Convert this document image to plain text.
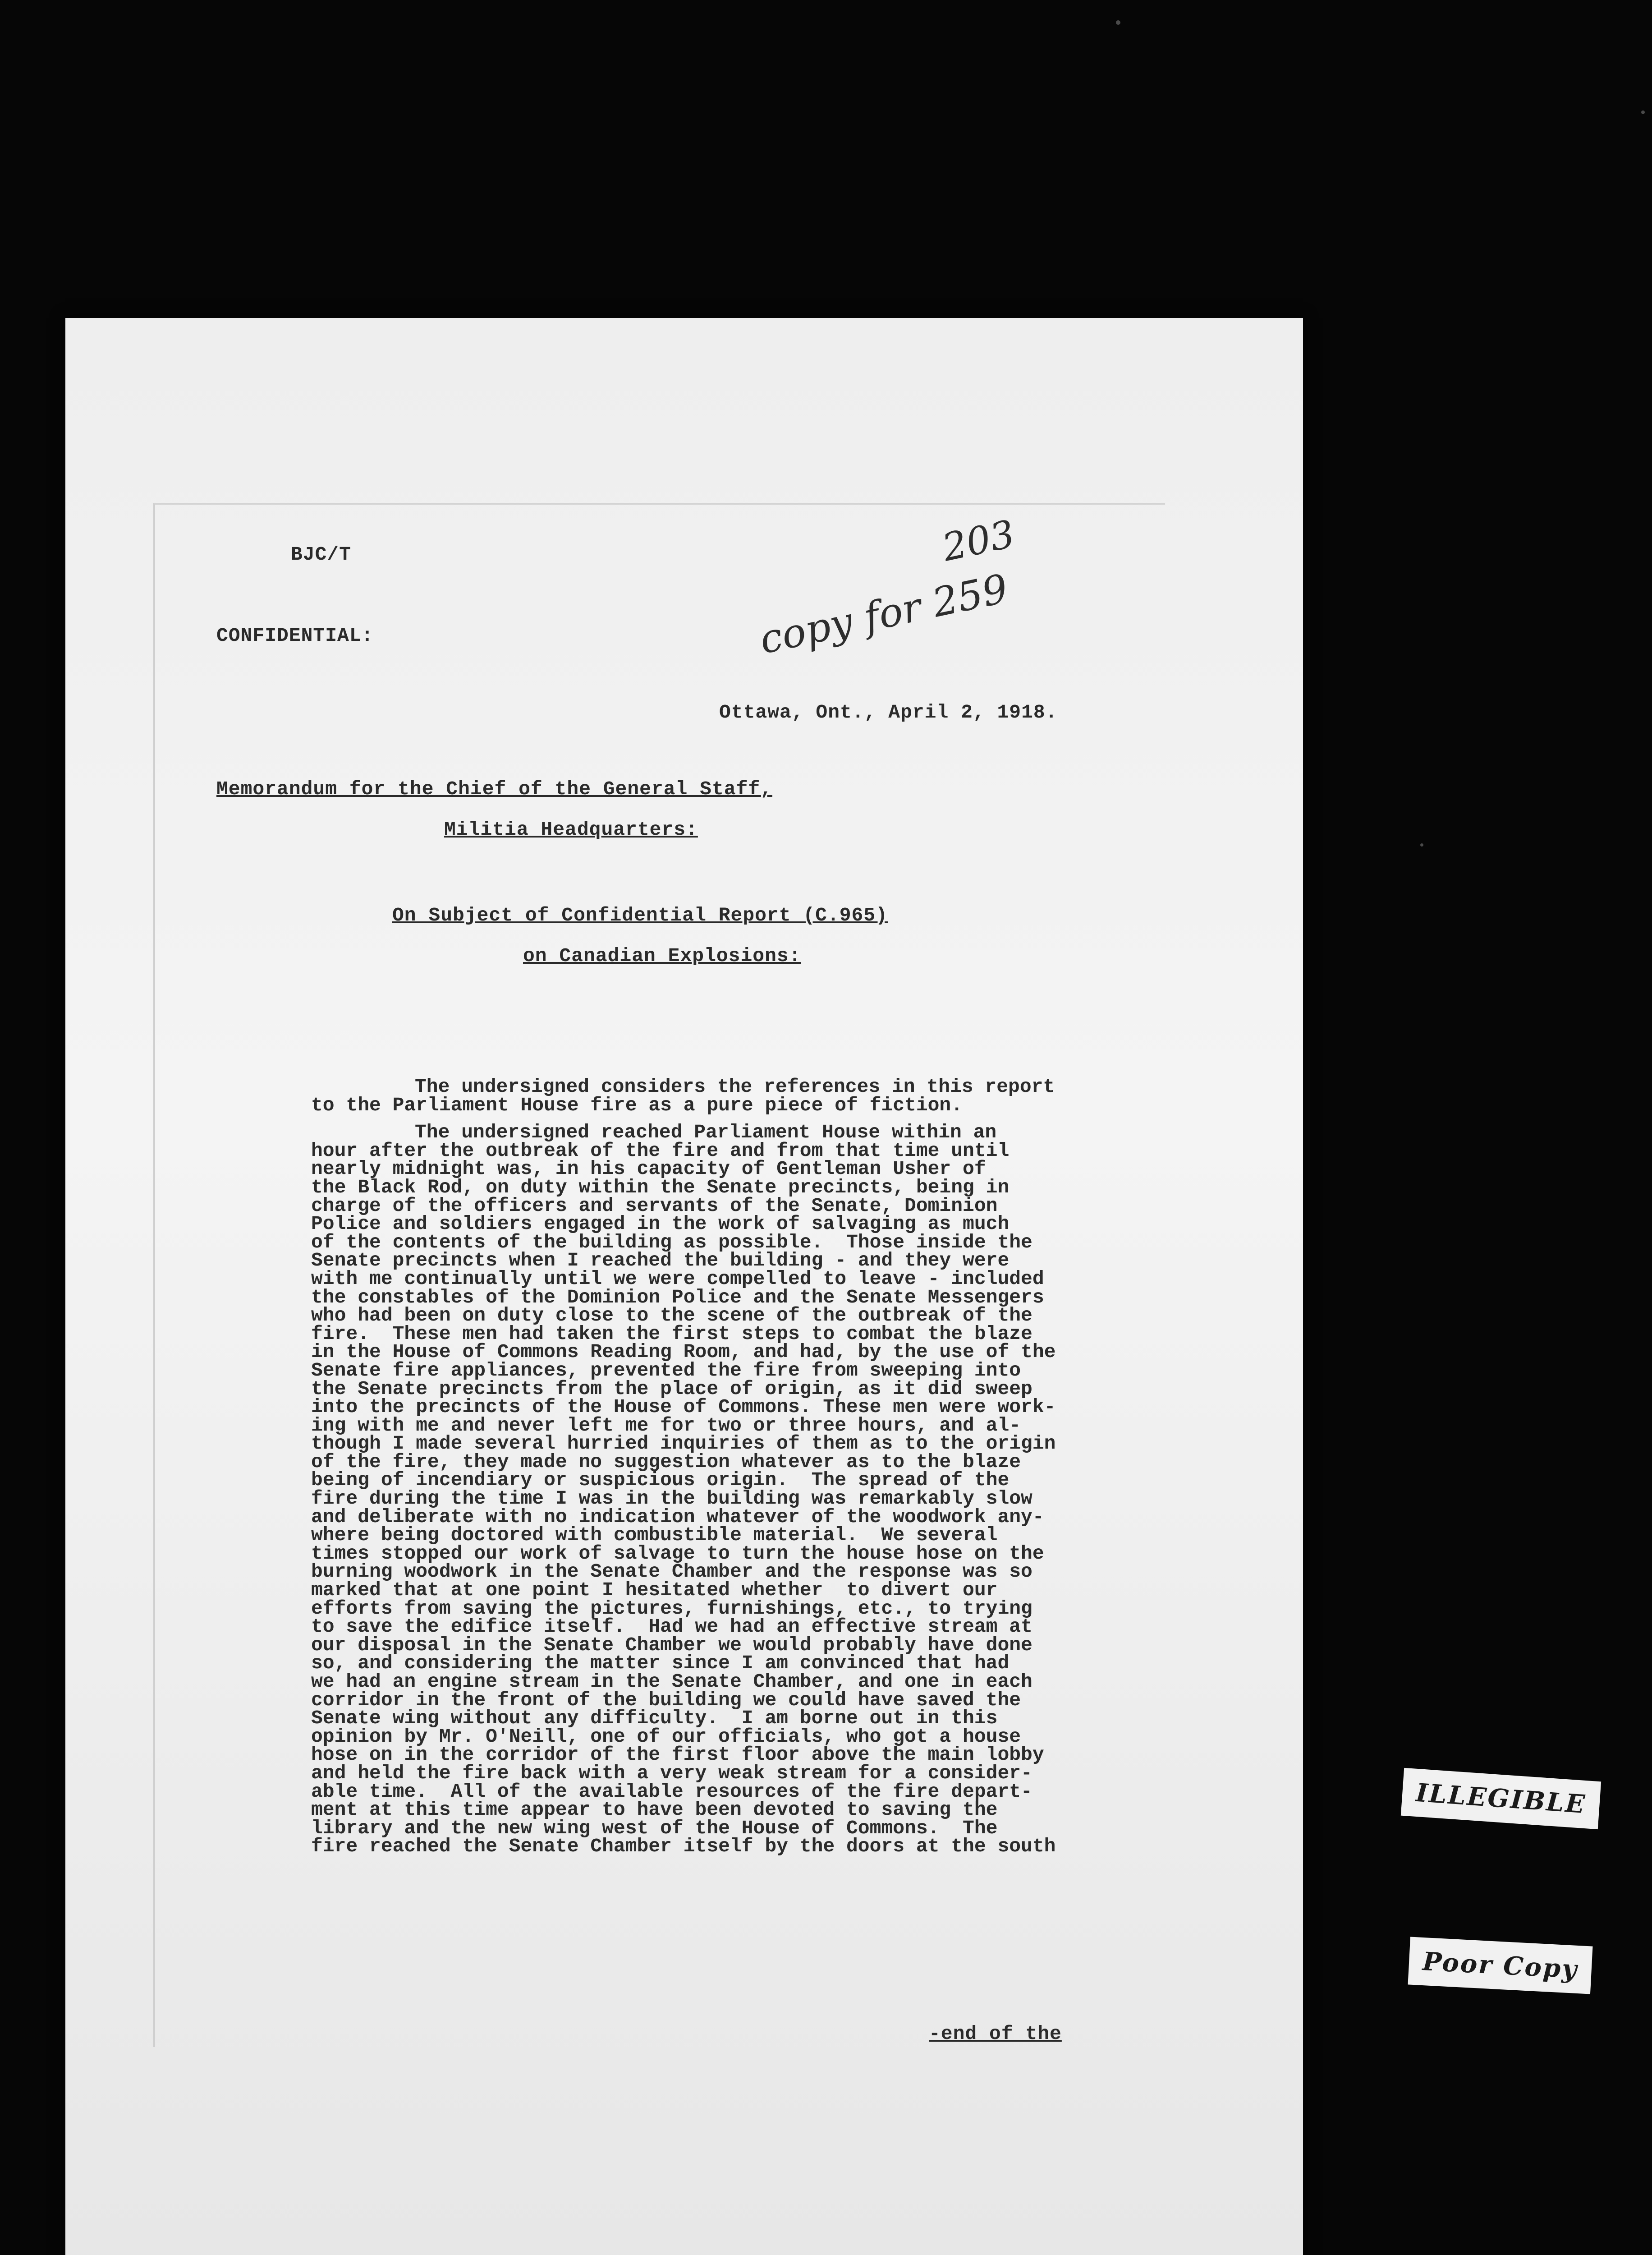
BJC/T	203
copy for 259
CONFIDENTIAL:
Ottawa, Ont., April 2, 1918.
Memorandum for the Chief of the General Staff,
Militia Headquarters:
On Subject of Confidential Report (C.965)
on Canadian Explosions:
The undersigned considers the references in this report
to the Parliament House fire as a pure piece of fiction.
The undersigned reached Parliament House within an
hour after the outbreak of the fire and from that time until
nearly midnight was, in his capacity of Gentleman Usher of
the Black Rod, on duty within the Senate precincts, being in
charge of the officers and servants of the Senate, Dominion
Police and soldiers engaged in the work of salvaging as much
of the contents of the building as possible.  Those inside the
Senate precincts when I reached the building - and they were
with me continually until we were compelled to leave - included
the constables of the Dominion Police and the Senate Messengers
who had been on duty close to the scene of the outbreak of the
fire.  These men had taken the first steps to combat the blaze
in the House of Commons Reading Room, and had, by the use of the
Senate fire appliances, prevented the fire from sweeping into
the Senate precincts from the place of origin, as it did sweep
into the precincts of the House of Commons. These men were work-
ing with me and never left me for two or three hours, and al-
though I made several hurried inquiries of them as to the origin
of the fire, they made no suggestion whatever as to the blaze
being of incendiary or suspicious origin.  The spread of the
fire during the time I was in the building was remarkably slow
and deliberate with no indication whatever of the woodwork any-
where being doctored with combustible material.  We several
times stopped our work of salvage to turn the house hose on the
burning woodwork in the Senate Chamber and the response was so
marked that at one point I hesitated whether  to divert our
efforts from saving the pictures, furnishings, etc., to trying
to save the edifice itself.  Had we had an effective stream at
our disposal in the Senate Chamber we would probably have done
so, and considering the matter since I am convinced that had
we had an engine stream in the Senate Chamber, and one in each
corridor in the front of the building we could have saved the
Senate wing without any difficulty.  I am borne out in this
opinion by Mr. O'Neill, one of our officials, who got a house
hose on in the corridor of the first floor above the main lobby
and held the fire back with a very weak stream for a consider-
able time.  All of the available resources of the fire depart-
ment at this time appear to have been devoted to saving the
library and the new wing west of the House of Commons.  The
fire reached the Senate Chamber itself by the doors at the south
-end of the
ILLEGIBLE
Poor Copy
